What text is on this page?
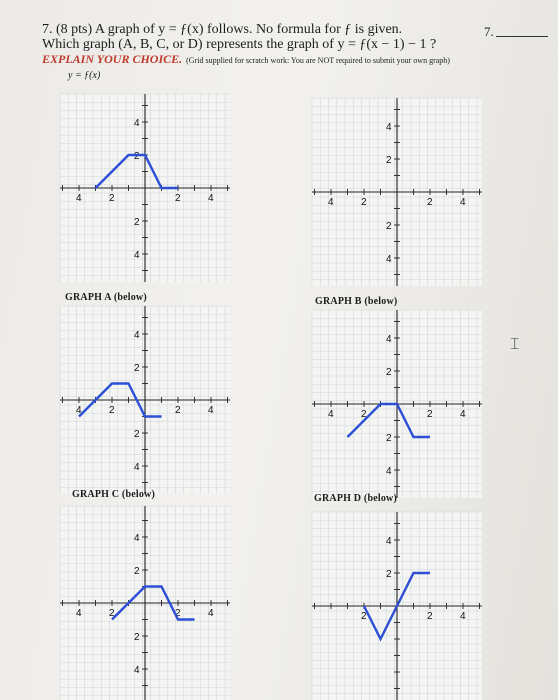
7. (8 pts) A graph of y = ƒ(x) follows. No formula for ƒ is given.
Which graph (A, B, C, or D) represents the graph of y = ƒ(x − 1) − 1 ?
EXPLAIN YOUR CHOICE. (Grid supplied for scratch work: You are NOT required to submit your own graph)
7.
y = ƒ(x)
4	2	2	4
4
2
2
4
4	2	2	4
4
2
2
4
GRAPH A (below)	GRAPH B (below)
4	2	2	4
4
2
2
4
4	2	2	4
4
2
2
4
GRAPH C (below)	GRAPH D (below)
4	2	2	4
4
2
2
4
2	2	4
4
2
⌶
